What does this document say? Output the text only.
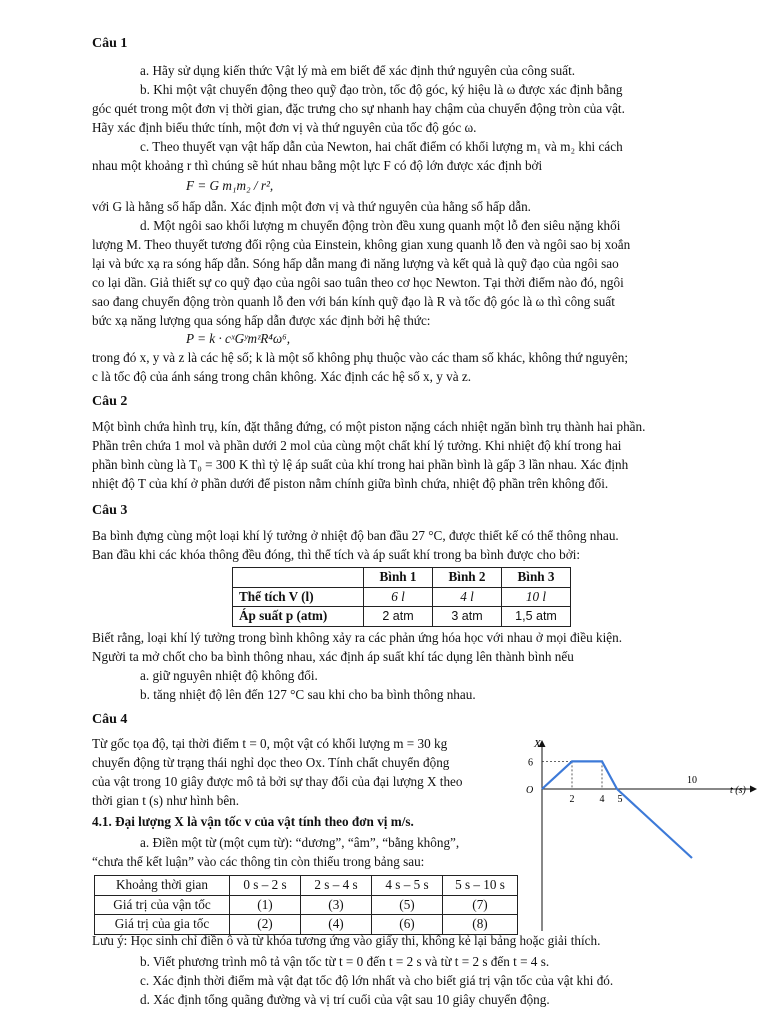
Câu 1
a. Hãy sử dụng kiến thức Vật lý mà em biết để xác định thứ nguyên của công suất.
b. Khi một vật chuyển động theo quỹ đạo tròn, tốc độ góc, ký hiệu là ω được xác định bằng
góc quét trong một đơn vị thời gian, đặc trưng cho sự nhanh hay chậm của chuyển động tròn của vật.
Hãy xác định biểu thức tính, một đơn vị và thứ nguyên của tốc độ góc ω.
c. Theo thuyết vạn vật hấp dẫn của Newton, hai chất điểm có khối lượng m₁ và m₂ khi cách
nhau một khoảng r thì chúng sẽ hút nhau bằng một lực F có độ lớn được xác định bởi
F = G m₁m₂ / r²,
với G là hằng số hấp dẫn. Xác định một đơn vị và thứ nguyên của hằng số hấp dẫn.
d. Một ngôi sao khối lượng m chuyển động tròn đều xung quanh một lỗ đen siêu nặng khối
lượng M. Theo thuyết tương đối rộng của Einstein, không gian xung quanh lỗ đen và ngôi sao bị xoắn
lại và bức xạ ra sóng hấp dẫn. Sóng hấp dẫn mang đi năng lượng và kết quả là quỹ đạo của ngôi sao
co lại dần. Giả thiết sự co quỹ đạo của ngôi sao tuân theo cơ học Newton. Tại thời điểm nào đó, ngôi
sao đang chuyển động tròn quanh lỗ đen với bán kính quỹ đạo là R và tốc độ góc là ω thì công suất
bức xạ năng lượng qua sóng hấp dẫn được xác định bởi hệ thức:
P = k · cˣGʸmᶻR⁴ω⁶,
trong đó x, y và z là các hệ số; k là một số không phụ thuộc vào các tham số khác, không thứ nguyên;
c là tốc độ của ánh sáng trong chân không. Xác định các hệ số x, y và z.
Câu 2
Một bình chứa hình trụ, kín, đặt thẳng đứng, có một piston nặng cách nhiệt ngăn bình trụ thành hai phần.
Phần trên chứa 1 mol và phần dưới 2 mol của cùng một chất khí lý tưởng. Khi nhiệt độ khí trong hai
phần bình cùng là T₀ = 300 K thì tỷ lệ áp suất của khí trong hai phần bình là gấp 3 lần nhau. Xác định
nhiệt độ T của khí ở phần dưới để piston nằm chính giữa bình chứa, nhiệt độ phần trên không đổi.
Câu 3
Ba bình đựng cùng một loại khí lý tưởng ở nhiệt độ ban đầu 27 °C, được thiết kế có thể thông nhau.
Ban đầu khi các khóa thông đều đóng, thì thể tích và áp suất khí trong ba bình được cho bởi:
	Bình 1	Bình 2	Bình 3
Thể tích V (l)	6 l	4 l	10 l
Áp suất p (atm)	2 atm	3 atm	1,5 atm
Biết rằng, loại khí lý tưởng trong bình không xảy ra các phản ứng hóa học với nhau ở mọi điều kiện.
Người ta mở chốt cho ba bình thông nhau, xác định áp suất khí tác dụng lên thành bình nếu
a. giữ nguyên nhiệt độ không đổi.
b. tăng nhiệt độ lên đến 127 °C sau khi cho ba bình thông nhau.
Câu 4
Từ gốc tọa độ, tại thời điểm t = 0, một vật có khối lượng m = 30 kg
chuyển động từ trạng thái nghỉ dọc theo Ox. Tính chất chuyển động
của vật trong 10 giây được mô tả bởi sự thay đổi của đại lượng X theo
thời gian t (s) như hình bên.
4.1. Đại lượng X là vận tốc v của vật tính theo đơn vị m/s.
a. Điền một từ (một cụm từ): “dương”, “âm”, “bằng không”,
“chưa thể kết luận” vào các thông tin còn thiếu trong bảng sau:
X
t (s)
O
2	4 5
10
6
Khoảng thời gian	0 s – 2 s	2 s – 4 s	4 s – 5 s	5 s – 10 s
Giá trị của vận tốc	(1)	(3)	(5)	(7)
Giá trị của gia tốc	(2)	(4)	(6)	(8)
Lưu ý: Học sinh chỉ điền ô và từ khóa tương ứng vào giấy thi, không kẻ lại bảng hoặc giải thích.
b. Viết phương trình mô tả vận tốc từ t = 0 đến t = 2 s và từ t = 2 s đến t = 4 s.
c. Xác định thời điểm mà vật đạt tốc độ lớn nhất và cho biết giá trị vận tốc của vật khi đó.
d. Xác định tổng quãng đường và vị trí cuối của vật sau 10 giây chuyển động.
